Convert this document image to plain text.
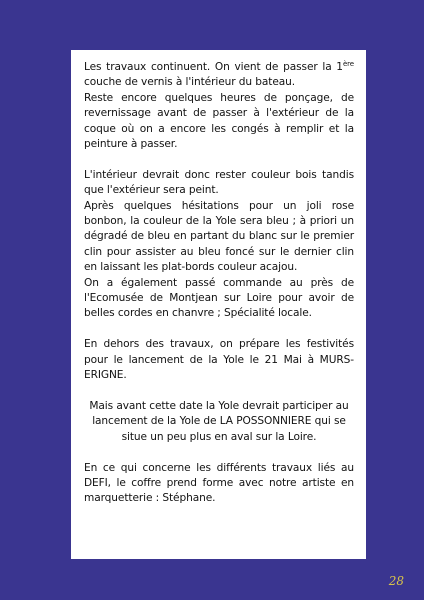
Les travaux continuent. On vient de passer la 1ère couche de vernis à l'intérieur du bateau.

Reste encore quelques heures de ponçage, de revernissage avant de passer à l'extérieur de la coque où on a encore les congés à remplir et la peinture à passer.

L'intérieur devrait donc rester couleur bois tandis que l'extérieur sera peint.

Après quelques hésitations pour un joli rose bonbon, la couleur de la Yole sera bleu ; à priori un dégradé de bleu en partant du blanc sur le premier clin pour assister au bleu foncé sur le dernier clin en laissant les plat-bords couleur acajou.

On a également passé commande au près de l'Ecomusée de Montjean sur Loire pour avoir de belles cordes en chanvre ; Spécialité locale.

En dehors des travaux, on prépare les festivités pour le lancement de la Yole le 21 Mai à MURS-ERIGNE.

Mais avant cette date la Yole devrait participer au lancement de la Yole de LA POSSONNIERE qui se situe un peu plus en aval sur la Loire.

En ce qui concerne les différents travaux liés au DEFI, le coffre prend forme avec notre artiste en marquetterie : Stéphane.

28
